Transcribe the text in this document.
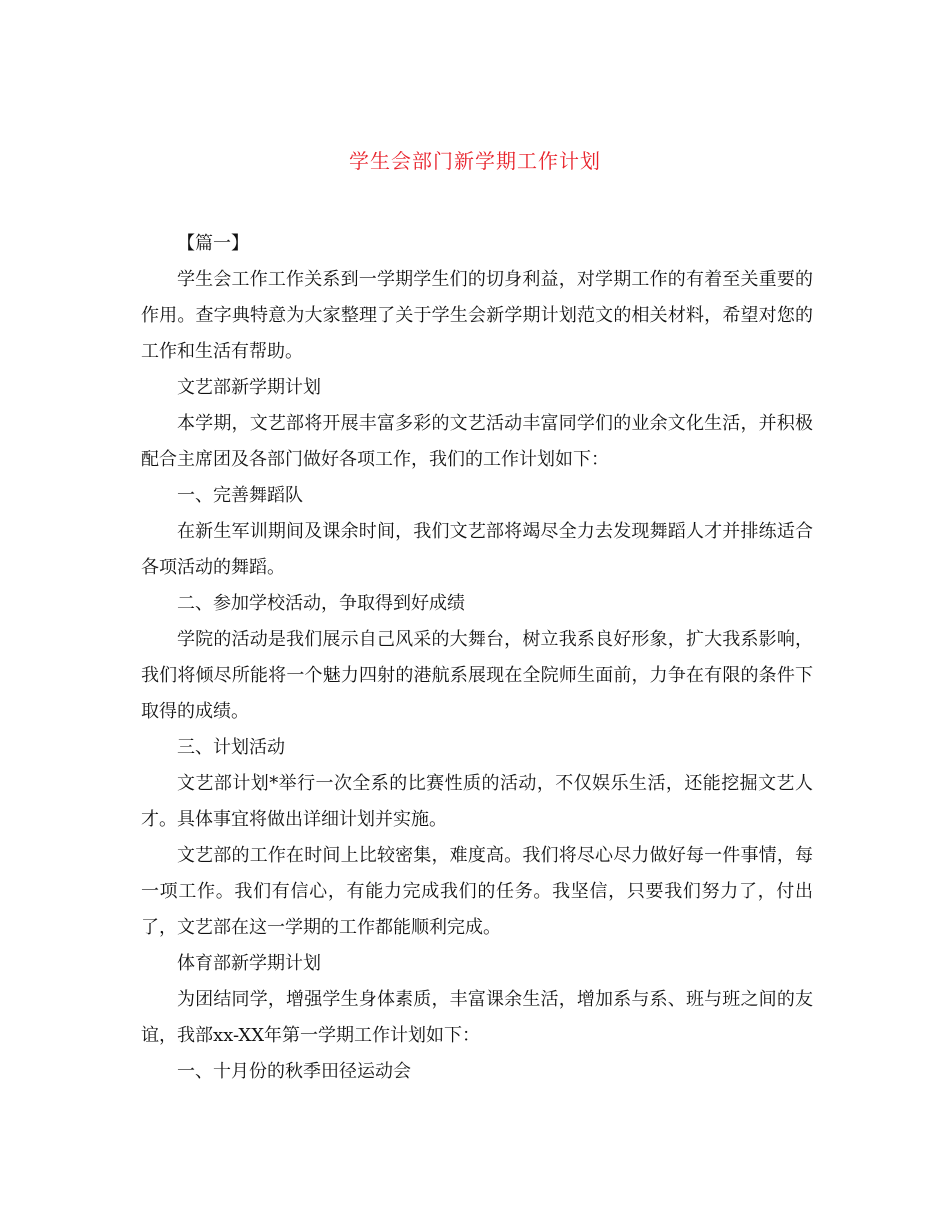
学生会部门新学期工作计划

【篇一】

学生会工作工作关系到一学期学生们的切身利益，对学期工作的有着至关重要的作用。查字典特意为大家整理了关于学生会新学期计划范文的相关材料，希望对您的工作和生活有帮助。

文艺部新学期计划

本学期，文艺部将开展丰富多彩的文艺活动丰富同学们的业余文化生活，并积极配合主席团及各部门做好各项工作，我们的工作计划如下：

一、完善舞蹈队

在新生军训期间及课余时间，我们文艺部将竭尽全力去发现舞蹈人才并排练适合各项活动的舞蹈。

二、参加学校活动，争取得到好成绩

学院的活动是我们展示自己风采的大舞台，树立我系良好形象，扩大我系影响，我们将倾尽所能将一个魅力四射的港航系展现在全院师生面前，力争在有限的条件下取得的成绩。

三、计划活动

文艺部计划*举行一次全系的比赛性质的活动，不仅娱乐生活，还能挖掘文艺人才。具体事宜将做出详细计划并实施。

文艺部的工作在时间上比较密集，难度高。我们将尽心尽力做好每一件事情，每一项工作。我们有信心，有能力完成我们的任务。我坚信，只要我们努力了，付出了，文艺部在这一学期的工作都能顺利完成。

体育部新学期计划

为团结同学，增强学生身体素质，丰富课余生活，增加系与系、班与班之间的友谊，我部xx-XX年第一学期工作计划如下：

一、十月份的秋季田径运动会
